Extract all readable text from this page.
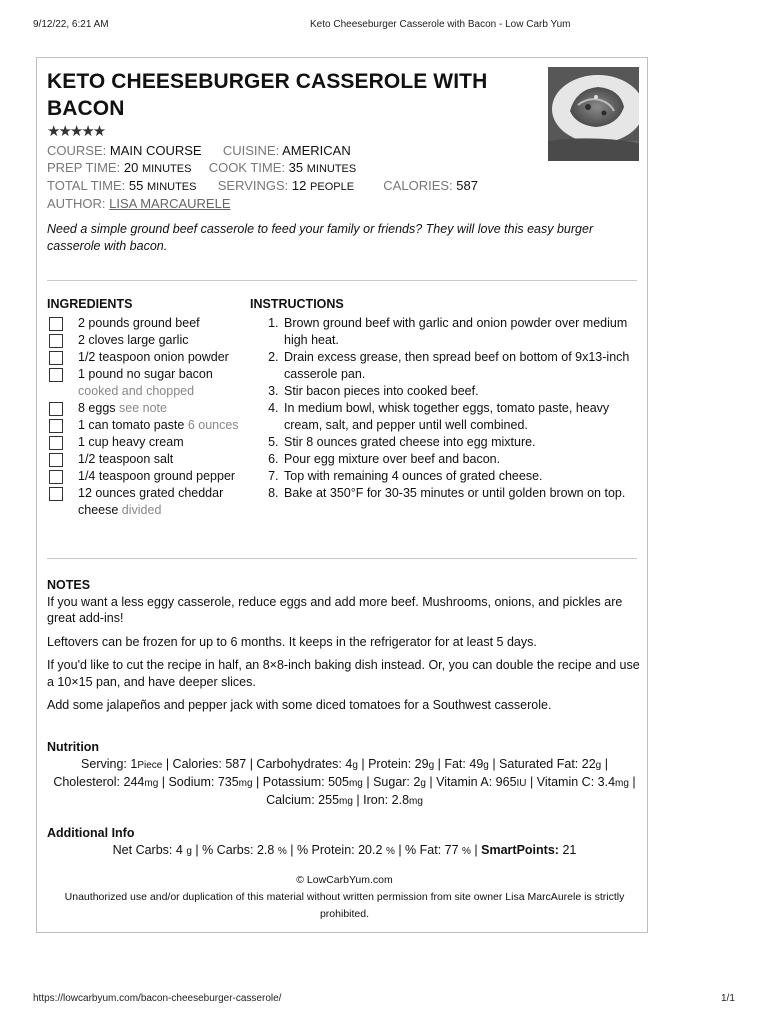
9/12/22, 6:21 AM	Keto Cheeseburger Casserole with Bacon - Low Carb Yum
KETO CHEESEBURGER CASSEROLE WITH BACON
★★★★★
COURSE: MAIN COURSE CUISINE: AMERICAN
PREP TIME: 20 MINUTES COOK TIME: 35 MINUTES
TOTAL TIME: 55 MINUTES SERVINGS: 12 PEOPLE CALORIES: 587
AUTHOR: LISA MARCAURELE
Need a simple ground beef casserole to feed your family or friends? They will love this easy burger casserole with bacon.
INGREDIENTS	INSTRUCTIONS
2 pounds ground beef
2 cloves large garlic
1/2 teaspoon onion powder
1 pound no sugar bacon cooked and chopped
8 eggs see note
1 can tomato paste 6 ounces
1 cup heavy cream
1/2 teaspoon salt
1/4 teaspoon ground pepper
12 ounces grated cheddar cheese divided
1. Brown ground beef with garlic and onion powder over medium high heat.
2. Drain excess grease, then spread beef on bottom of 9x13-inch casserole pan.
3. Stir bacon pieces into cooked beef.
4. In medium bowl, whisk together eggs, tomato paste, heavy cream, salt, and pepper until well combined.
5. Stir 8 ounces grated cheese into egg mixture.
6. Pour egg mixture over beef and bacon.
7. Top with remaining 4 ounces of grated cheese.
8. Bake at 350°F for 30-35 minutes or until golden brown on top.
NOTES

If you want a less eggy casserole, reduce eggs and add more beef. Mushrooms, onions, and pickles are great add-ins!

Leftovers can be frozen for up to 6 months. It keeps in the refrigerator for at least 5 days.

If you'd like to cut the recipe in half, an 8×8-inch baking dish instead. Or, you can double the recipe and use a 10×15 pan, and have deeper slices.

Add some jalapeños and pepper jack with some diced tomatoes for a Southwest casserole.

Nutrition
Serving: 1Piece | Calories: 587 | Carbohydrates: 4g | Protein: 29g | Fat: 49g | Saturated Fat: 22g | Cholesterol: 244mg | Sodium: 735mg | Potassium: 505mg | Sugar: 2g | Vitamin A: 965IU | Vitamin C: 3.4mg | Calcium: 255mg | Iron: 2.8mg
Additional Info
Net Carbs: 4 g | % Carbs: 2.8 % | % Protein: 20.2 % | % Fat: 77 % | SmartPoints: 21
© LowCarbYum.com
Unauthorized use and/or duplication of this material without written permission from site owner Lisa MarcAurele is strictly prohibited.
https://lowcarbyum.com/bacon-cheeseburger-casserole/	1/1
